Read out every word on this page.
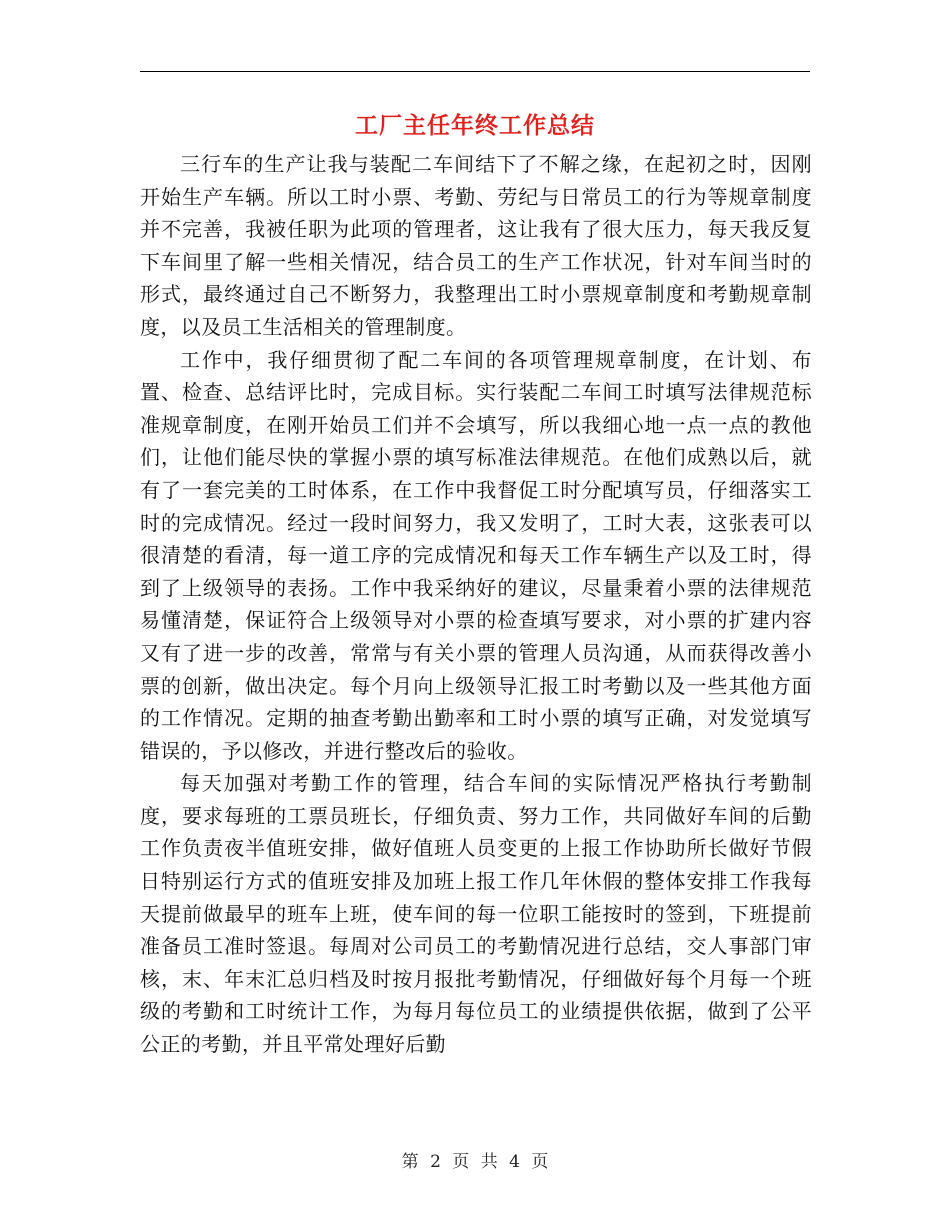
工厂主任年终工作总结

三行车的生产让我与装配二车间结下了不解之缘，在起初之时，因刚开始生产车辆。所以工时小票、考勤、劳纪与日常员工的行为等规章制度并不完善，我被任职为此项的管理者，这让我有了很大压力，每天我反复下车间里了解一些相关情况，结合员工的生产工作状况，针对车间当时的形式，最终通过自己不断努力，我整理出工时小票规章制度和考勤规章制度，以及员工生活相关的管理制度。

工作中，我仔细贯彻了配二车间的各项管理规章制度，在计划、布置、检查、总结评比时，完成目标。实行装配二车间工时填写法律规范标准规章制度，在刚开始员工们并不会填写，所以我细心地一点一点的教他们，让他们能尽快的掌握小票的填写标准法律规范。在他们成熟以后，就有了一套完美的工时体系，在工作中我督促工时分配填写员，仔细落实工时的完成情况。经过一段时间努力，我又发明了，工时大表，这张表可以很清楚的看清，每一道工序的完成情况和每天工作车辆生产以及工时，得到了上级领导的表扬。工作中我采纳好的建议，尽量秉着小票的法律规范易懂清楚，保证符合上级领导对小票的检查填写要求，对小票的扩建内容又有了进一步的改善，常常与有关小票的管理人员沟通，从而获得改善小票的创新，做出决定。每个月向上级领导汇报工时考勤以及一些其他方面的工作情况。定期的抽查考勤出勤率和工时小票的填写正确，对发觉填写错误的，予以修改，并进行整改后的验收。

每天加强对考勤工作的管理，结合车间的实际情况严格执行考勤制度，要求每班的工票员班长，仔细负责、努力工作，共同做好车间的后勤工作负责夜半值班安排，做好值班人员变更的上报工作协助所长做好节假日特别运行方式的值班安排及加班上报工作几年休假的整体安排工作我每天提前做最早的班车上班，使车间的每一位职工能按时的签到，下班提前准备员工准时签退。每周对公司员工的考勤情况进行总结，交人事部门审核，末、年末汇总归档及时按月报批考勤情况，仔细做好每个月每一个班级的考勤和工时统计工作，为每月每位员工的业绩提供依据，做到了公平公正的考勤，并且平常处理好后勤

第 2 页 共 4 页
